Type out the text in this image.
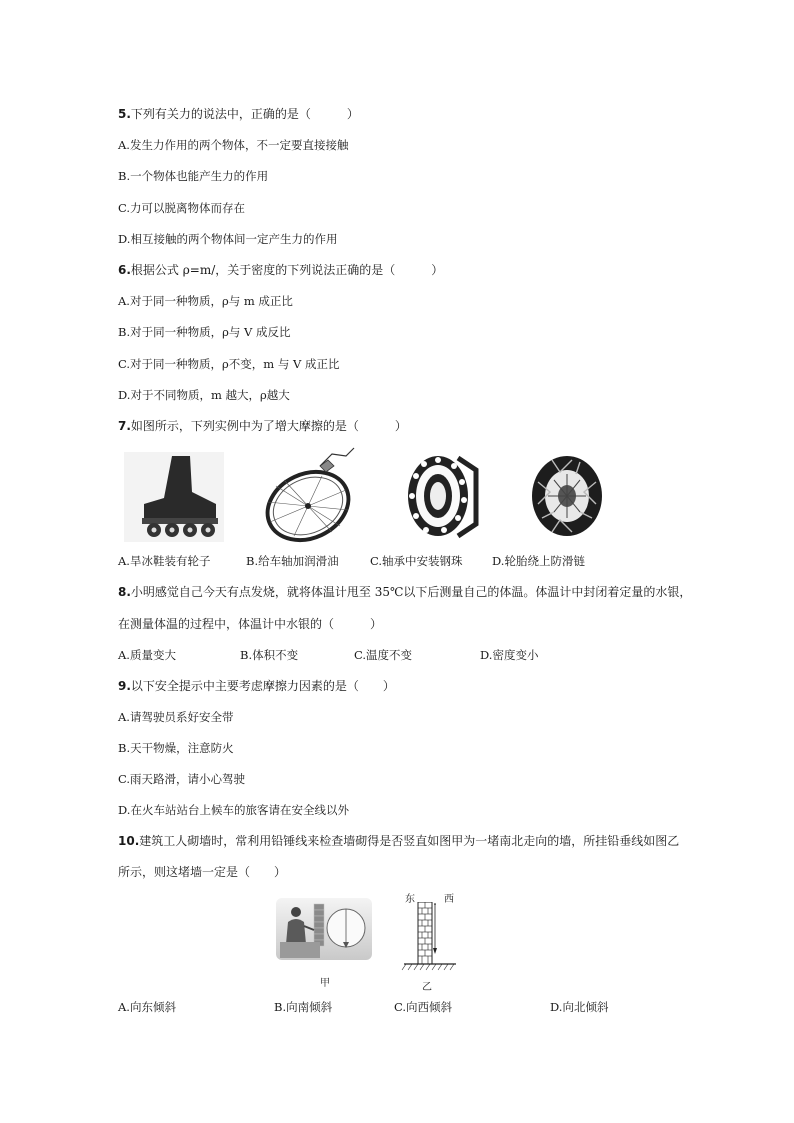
5.下列有关力的说法中，正确的是（　　　）
A.发生力作用的两个物体，不一定要直接接触
B.一个物体也能产生力的作用
C.力可以脱离物体而存在
D.相互接触的两个物体间一定产生力的作用
6.根据公式 ρ=m/，关于密度的下列说法正确的是（　　　）
A.对于同一种物质，ρ与 m 成正比
B.对于同一种物质，ρ与 V 成反比
C.对于同一种物质，ρ不变，m 与 V 成正比
D.对于不同物质，m 越大，ρ越大
7.如图所示，下列实例中为了增大摩擦的是（　　　）
A.旱冰鞋装有轮子	B.给车轴加润滑油	C.轴承中安装钢珠	D.轮胎绕上防滑链
8.小明感觉自己今天有点发烧，就将体温计甩至 35℃以下后测量自己的体温。体温计中封闭着定量的水银，
在测量体温的过程中，体温计中水银的（　　　）
A.质量变大	B.体积不变	C.温度不变	D.密度变小
9.以下安全提示中主要考虑摩擦力因素的是（　　）
A.请驾驶员系好安全带
B.天干物燥，注意防火
C.雨天路滑，请小心驾驶
D.在火车站站台上候车的旅客请在安全线以外
10.建筑工人砌墙时，常利用铅锤线来检查墙砌得是否竖直如图甲为一堵南北走向的墙，所挂铅垂线如图乙
所示，则这堵墙一定是（　　）
甲
东	西
乙
A.向东倾斜	B.向南倾斜	C.向西倾斜	D.向北倾斜
